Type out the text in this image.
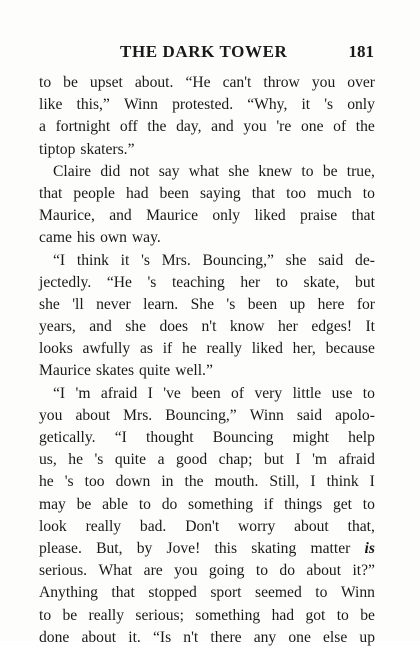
THE DARK TOWER	181
to be upset about. “He can't throw you over
like this,” Winn protested. “Why, it 's only
a fortnight off the day, and you 're one of the
tiptop skaters.”
Claire did not say what she knew to be true,
that people had been saying that too much to
Maurice, and Maurice only liked praise that
came his own way.
“I think it 's Mrs. Bouncing,” she said de-
jectedly. “He 's teaching her to skate, but
she 'll never learn. She 's been up here for
years, and she does n't know her edges! It
looks awfully as if he really liked her, because
Maurice skates quite well.”
“I 'm afraid I 've been of very little use to
you about Mrs. Bouncing,” Winn said apolo-
getically. “I thought Bouncing might help
us, he 's quite a good chap; but I 'm afraid
he 's too down in the mouth. Still, I think I
may be able to do something if things get to
look really bad. Don't worry about that,
please. But, by Jove! this skating matter is
serious. What are you going to do about it?”
Anything that stopped sport seemed to Winn
to be really serious; something had got to be
done about it. “Is n't there any one else up
